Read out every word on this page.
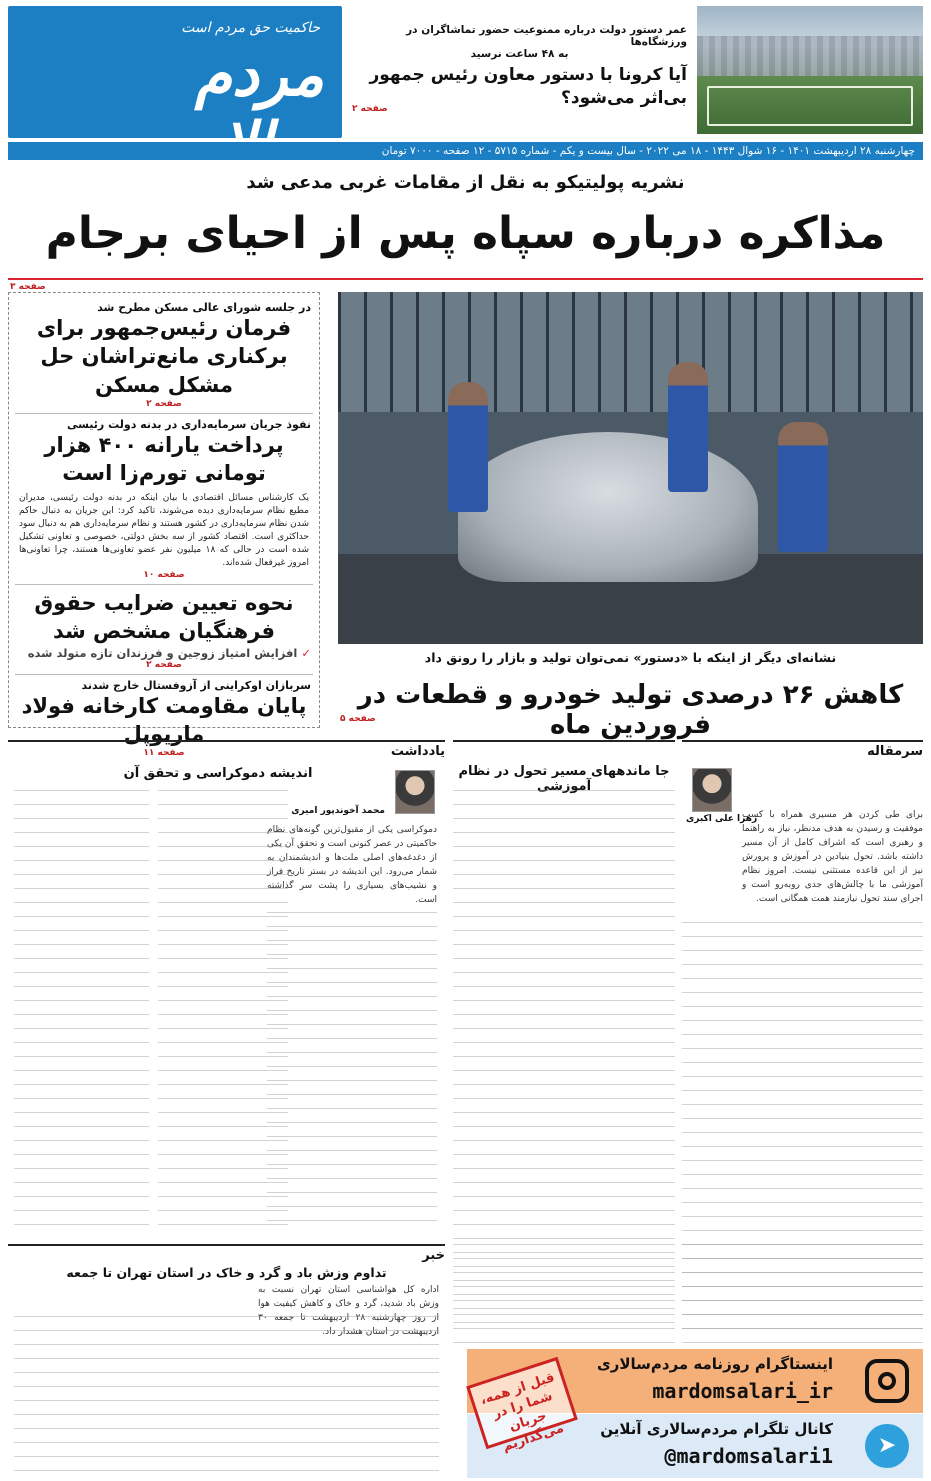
حاکمیت حق مردم است
مردم
عمر دستور دولت درباره ممنوعیت حضور تماشاگران در ورزشگاه‌ها
به ۴۸ ساعت نرسید
آیا کرونا با دستور معاون رئیس جمهور بی‌اثر می‌شود؟
صفحه ۲
چهارشنبه ۲۸ اردیبهشت ۱۴۰۱ - ۱۶ شوال ۱۴۴۳ - ۱۸ می ۲۰۲۲ - سال بیست و یکم - شماره ۵۷۱۵ - ۱۲ صفحه - ۷۰۰۰ تومان
نشریه پولیتیکو به نقل از مقامات غربی مدعی شد
مذاکره درباره سپاه پس از احیای برجام
صفحه ۳
در جلسه شورای عالی مسکن مطرح شد
فرمان رئیس‌جمهور برای برکناری مانع‌تراشان حل مشکل مسکن
صفحه ۲
نفوذ جریان سرمایه‌داری در بدنه دولت رئیسی
پرداخت یارانه ۴۰۰ هزار تومانی تورم‌زا است
یک کارشناس مسائل اقتصادی با بیان اینکه در بدنه دولت رئیسی، مدیران مطیع نظام سرمایه‌داری دیده می‌شوند، تاکید کرد: این جریان به دنبال حاکم شدن نظام سرمایه‌داری در کشور هستند و نظام سرمایه‌داری هم به دنبال سود حداکثری است. اقتصاد کشور از سه بخش دولتی، خصوصی و تعاونی تشکیل شده است در حالی که ۱۸ میلیون نفر عضو تعاونی‌ها هستند، چرا تعاونی‌ها امروز غیرفعال شده‌اند.
صفحه ۱۰
نحوه تعیین ضرایب حقوق فرهنگیان مشخص شد
✓ افزایش امتیاز زوجین و فرزندان تازه متولد شده
صفحه ۲
سربازان اوکراینی از آزوفستال خارج شدند
پایان مقاومت کارخانه فولاد ماریوپل
صفحه ۱۱
نشانه‌ای دیگر از اینکه با «دستور» نمی‌توان تولید و بازار را رونق داد
کاهش ۲۶ درصدی تولید خودرو و قطعات در فروردین ماه
صفحه ۵
سرمقاله
زهرا علی اکبری
برای طی کردن هر مسیری همراه با کسب موفقیت و رسیدن به هدف مدنظر، نیاز به راهنما و رهبری است که اشراف کامل از آن مسیر داشته باشد. تحول بنیادین در آموزش و پرورش نیز از این قاعده مستثنی نیست. امروز نظام آموزشی ما با چالش‌های جدی روبه‌رو است و اجرای سند تحول نیازمند همت همگانی است.
جا ماندههای مسیر تحول در نظام آموزشی
یادداشت
اندیشه دموکراسی و تحقق آن
محمد آخوندپور امیری
دموکراسی یکی از مقبول‌ترین گونه‌های نظام حاکمیتی در عصر کنونی است و تحقق آن یکی از دغدغه‌های اصلی ملت‌ها و اندیشمندان به شمار می‌رود. این اندیشه در بستر تاریخ فراز و نشیب‌های بسیاری را پشت سر گذاشته است.
خبر
تداوم وزش باد و گرد و خاک در استان تهران تا جمعه
اداره کل هواشناسی استان تهران نسبت به وزش باد شدید، گرد و خاک و کاهش کیفیت هوا از روز چهارشنبه ۲۸ اردیبهشت تا جمعه ۳۰ اردیبهشت در استان هشدار داد.
اینستاگرام روزنامه مردم‌سالاری
mardomsalari_ir
➤
کانال تلگرام مردم‌سالاری آنلاین
@mardomsalari1
قبل از همه، شما را در جریان می‌گذاریم
